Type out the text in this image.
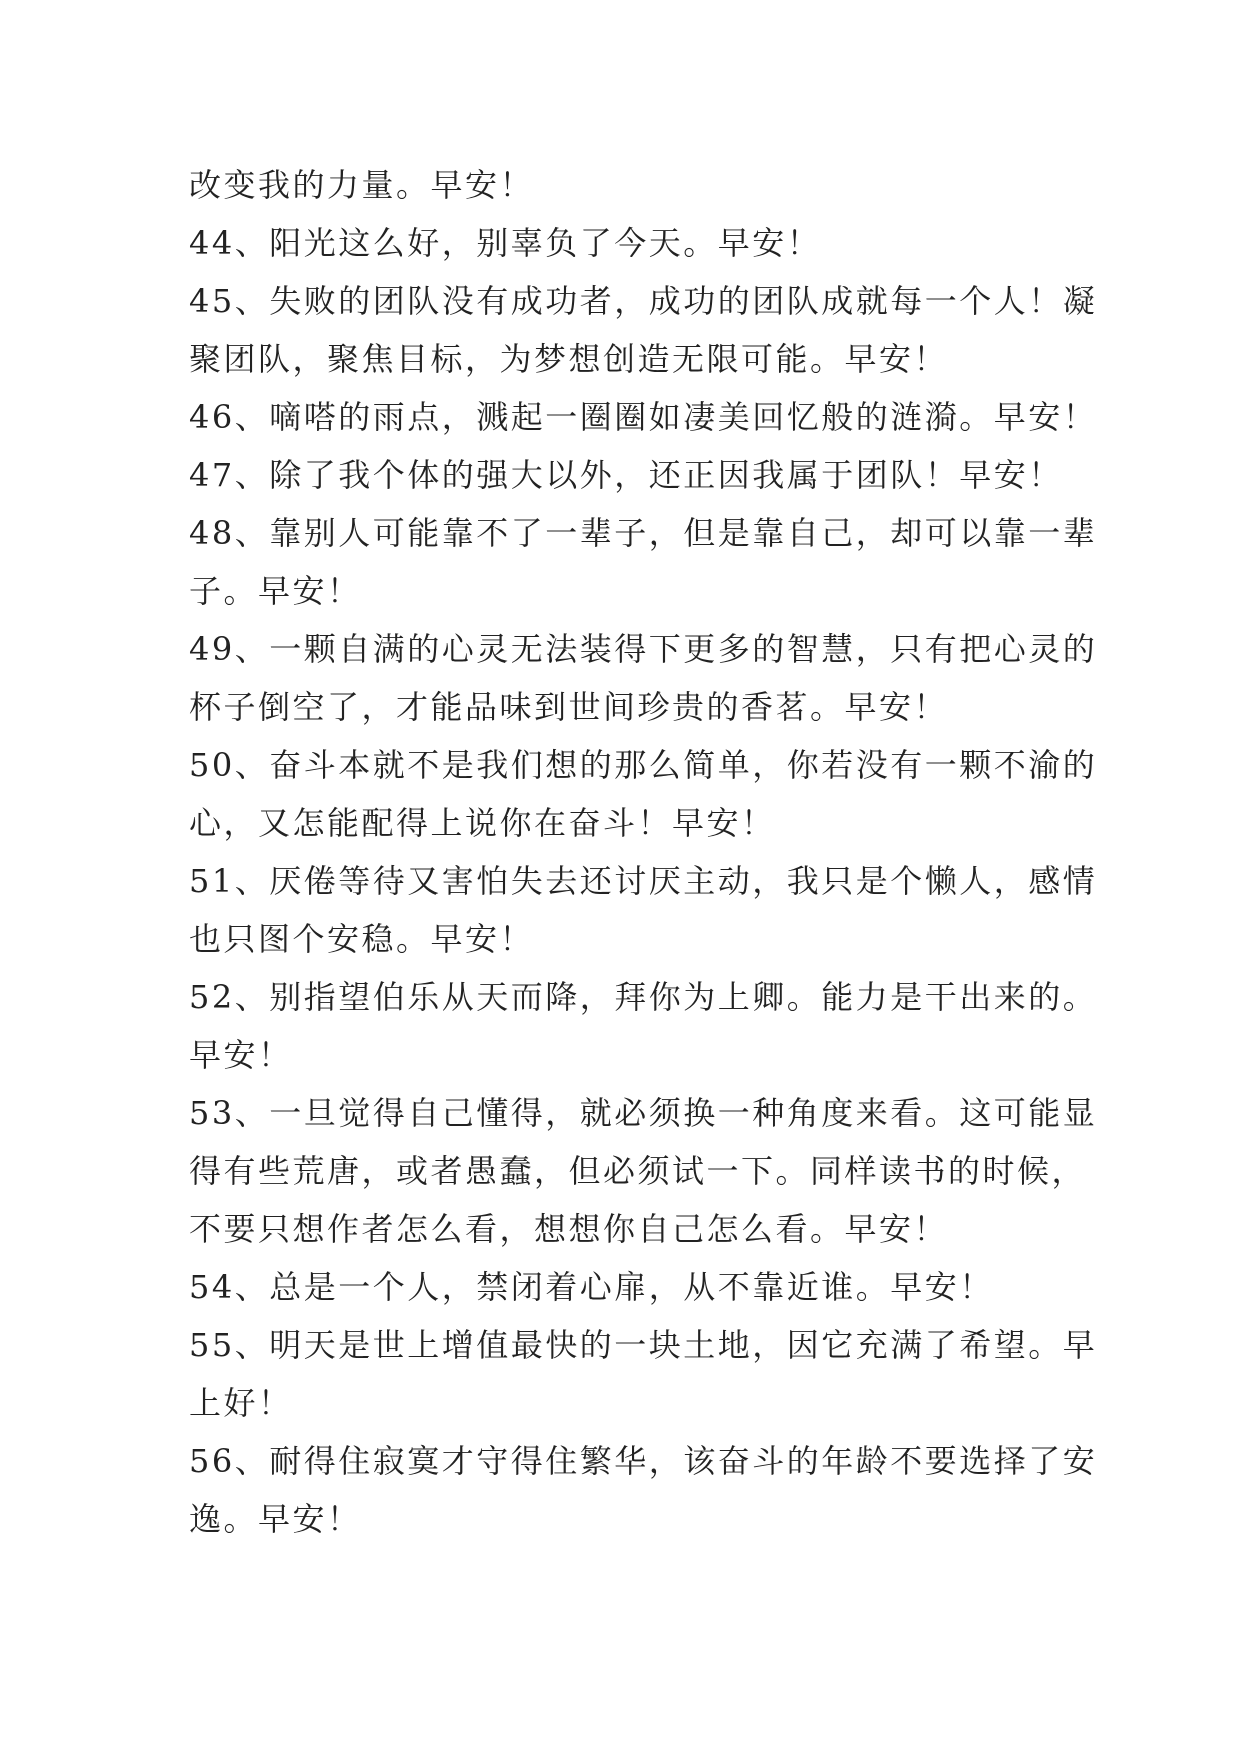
改变我的力量。早安！
44、阳光这么好，别辜负了今天。早安！
45、失败的团队没有成功者，成功的团队成就每一个人！凝
聚团队，聚焦目标，为梦想创造无限可能。早安！
46、嘀嗒的雨点，溅起一圈圈如凄美回忆般的涟漪。早安！
47、除了我个体的强大以外，还正因我属于团队！早安！
48、靠别人可能靠不了一辈子，但是靠自己，却可以靠一辈
子。早安！
49、一颗自满的心灵无法装得下更多的智慧，只有把心灵的
杯子倒空了，才能品味到世间珍贵的香茗。早安！
50、奋斗本就不是我们想的那么简单，你若没有一颗不渝的
心，又怎能配得上说你在奋斗！早安！
51、厌倦等待又害怕失去还讨厌主动，我只是个懒人，感情
也只图个安稳。早安！
52、别指望伯乐从天而降，拜你为上卿。能力是干出来的。
早安！
53、一旦觉得自己懂得，就必须换一种角度来看。这可能显
得有些荒唐，或者愚蠢，但必须试一下。同样读书的时候，
不要只想作者怎么看，想想你自己怎么看。早安！
54、总是一个人，禁闭着心扉，从不靠近谁。早安！
55、明天是世上增值最快的一块土地，因它充满了希望。早
上好！
56、耐得住寂寞才守得住繁华，该奋斗的年龄不要选择了安
逸。早安！
